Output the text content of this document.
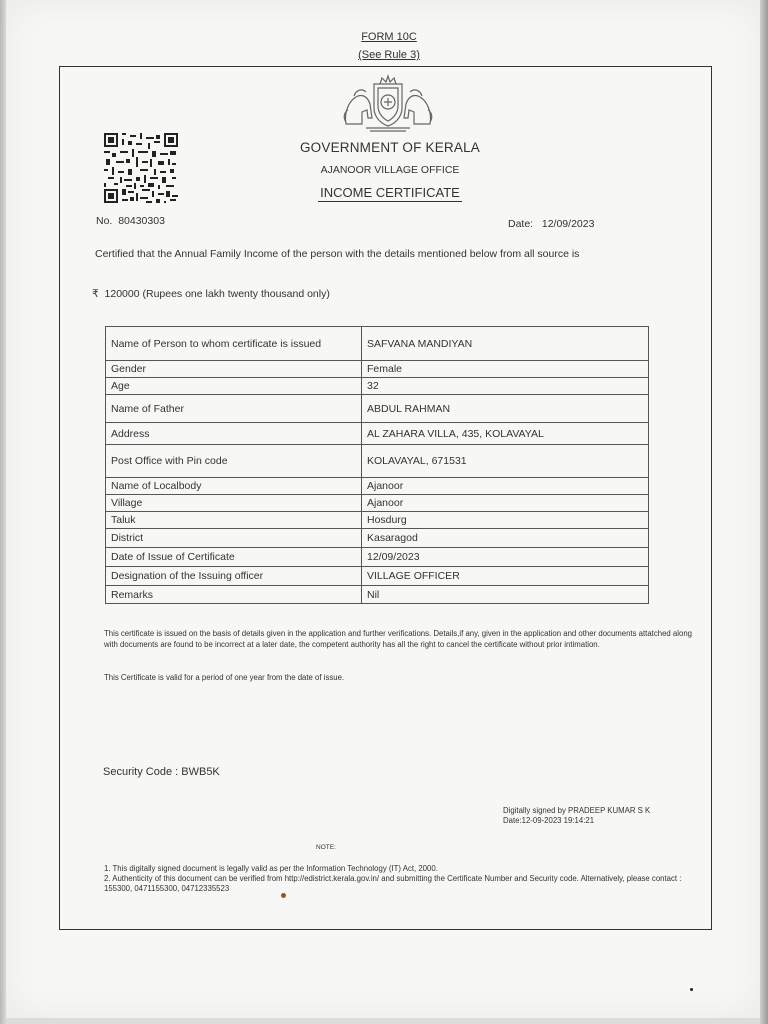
FORM 10C
(See Rule 3)
GOVERNMENT OF KERALA
AJANOOR VILLAGE OFFICE
INCOME CERTIFICATE
No. 80430303	Date: 12/09/2023
Certified that the Annual Family Income of the person with the details mentioned below from all source is
₹ 120000 (Rupees one lakh twenty thousand only)
Name of Person to whom certificate is issued	SAFVANA MANDIYAN
Gender	Female
Age	32
Name of Father	ABDUL RAHMAN
Address	AL ZAHARA VILLA, 435, KOLAVAYAL
Post Office with Pin code	KOLAVAYAL, 671531
Name of Localbody	Ajanoor
Village	Ajanoor
Taluk	Hosdurg
District	Kasaragod
Date of Issue of Certificate	12/09/2023
Designation of the Issuing officer	VILLAGE OFFICER
Remarks	Nil
This certificate is issued on the basis of details given in the application and further verifications. Details,if any, given in the application and other documents attatched along with documents are found to be incorrect at a later date, the competent authority has all the right to cancel the certificate without prior intimation.
This Certificate is valid for a period of one year from the date of issue.
Security Code : BWB5K
Digitally signed by PRADEEP KUMAR S K
Date:12-09-2023 19:14:21
NOTE:
1. This digitally signed document is legally valid as per the Information Technology (IT) Act, 2000.
2. Authenticity of this document can be verified from http://edistrict.kerala.gov.in/ and submitting the Certificate Number and Security code. Alternatively, please contact : 155300, 0471155300, 04712335523
